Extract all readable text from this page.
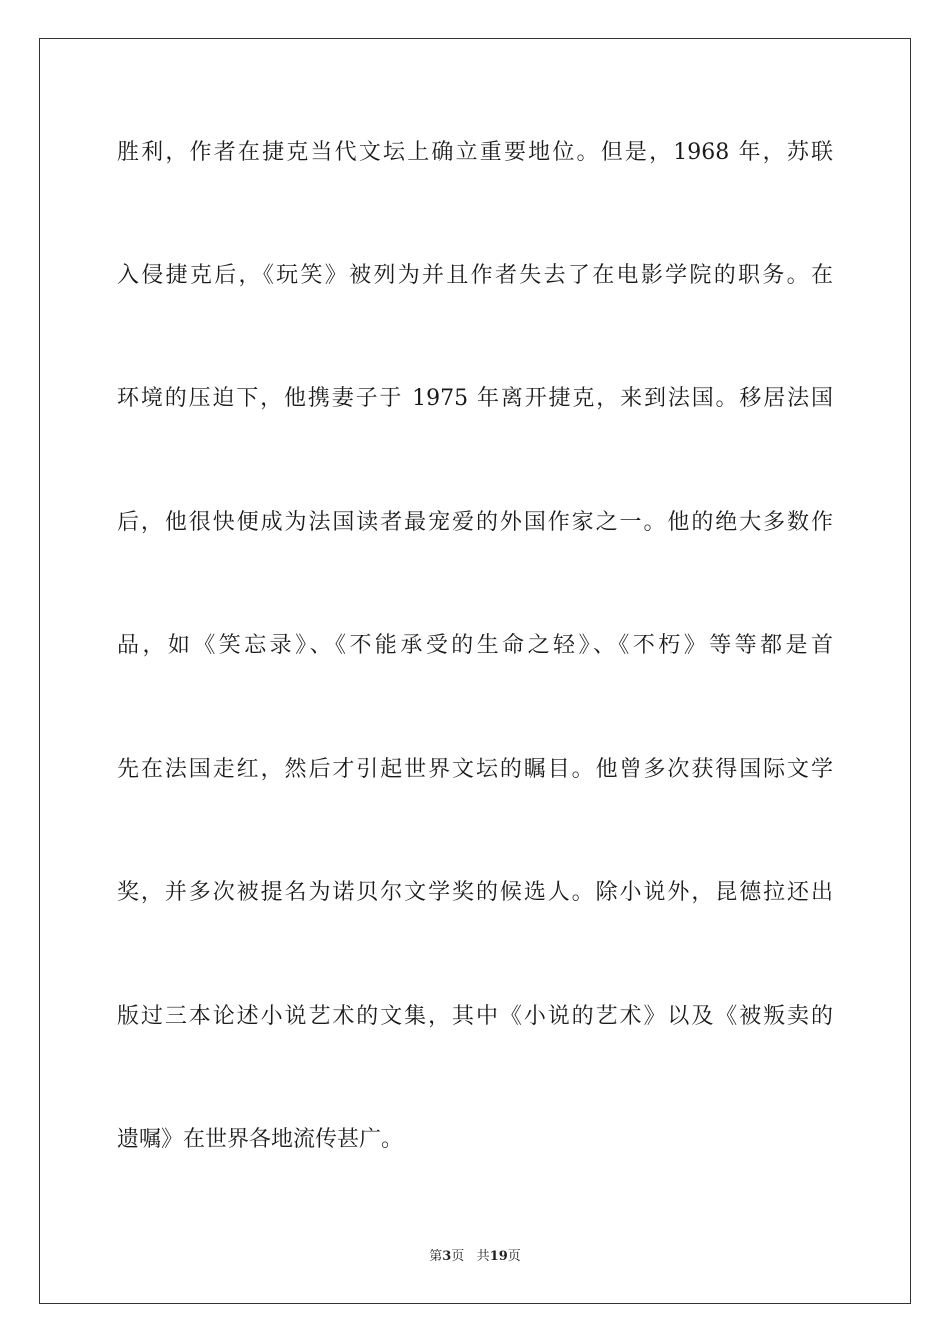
胜利，作者在捷克当代文坛上确立重要地位。但是，1968 年，苏联
入侵捷克后，《玩笑》被列为并且作者失去了在电影学院的职务。在
环境的压迫下，他携妻子于 1975 年离开捷克，来到法国。移居法国
后，他很快便成为法国读者最宠爱的外国作家之一。他的绝大多数作
品，如《笑忘录》、《不能承受的生命之轻》、《不朽》等等都是首
先在法国走红，然后才引起世界文坛的瞩目。他曾多次获得国际文学
奖，并多次被提名为诺贝尔文学奖的候选人。除小说外，昆德拉还出
版过三本论述小说艺术的文集，其中《小说的艺术》以及《被叛卖的
遗嘱》在世界各地流传甚广。
第3页 共19页
